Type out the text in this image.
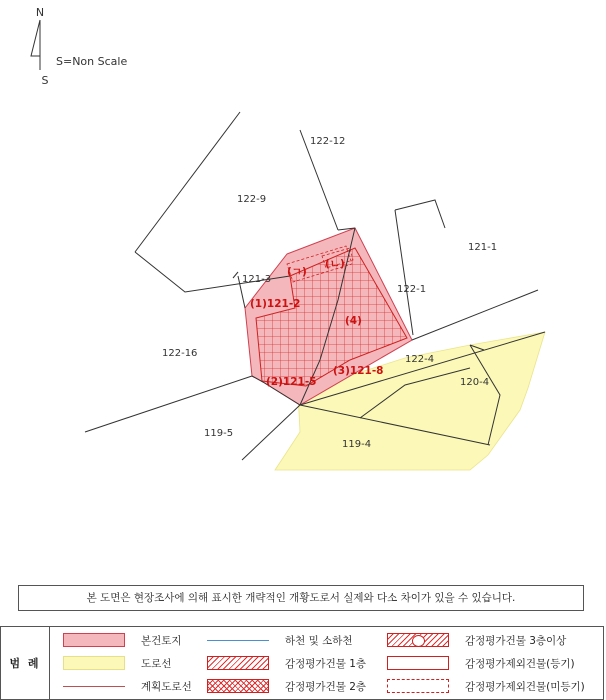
N
S
S=Non Scale
122-12
122-9
121-1
121-3
122-1
122-16
122-4
120-4
119-5
119-4
(ㄱ)
(ㄴ)
(1)121-2
(4)
(2)121-5
(3)121-8
본 도면은 현장조사에 의해 표시한 개략적인 개황도로서 실제와 다소 차이가 있을 수 있습니다.
범 례
본건토지
도로선
계획도로선
하천 및 소하천
감정평가건물 1층
감정평가건물 2층
감정평가건물 3층이상
감정평가제외건물(등기)
감정평가제외건물(미등기)
